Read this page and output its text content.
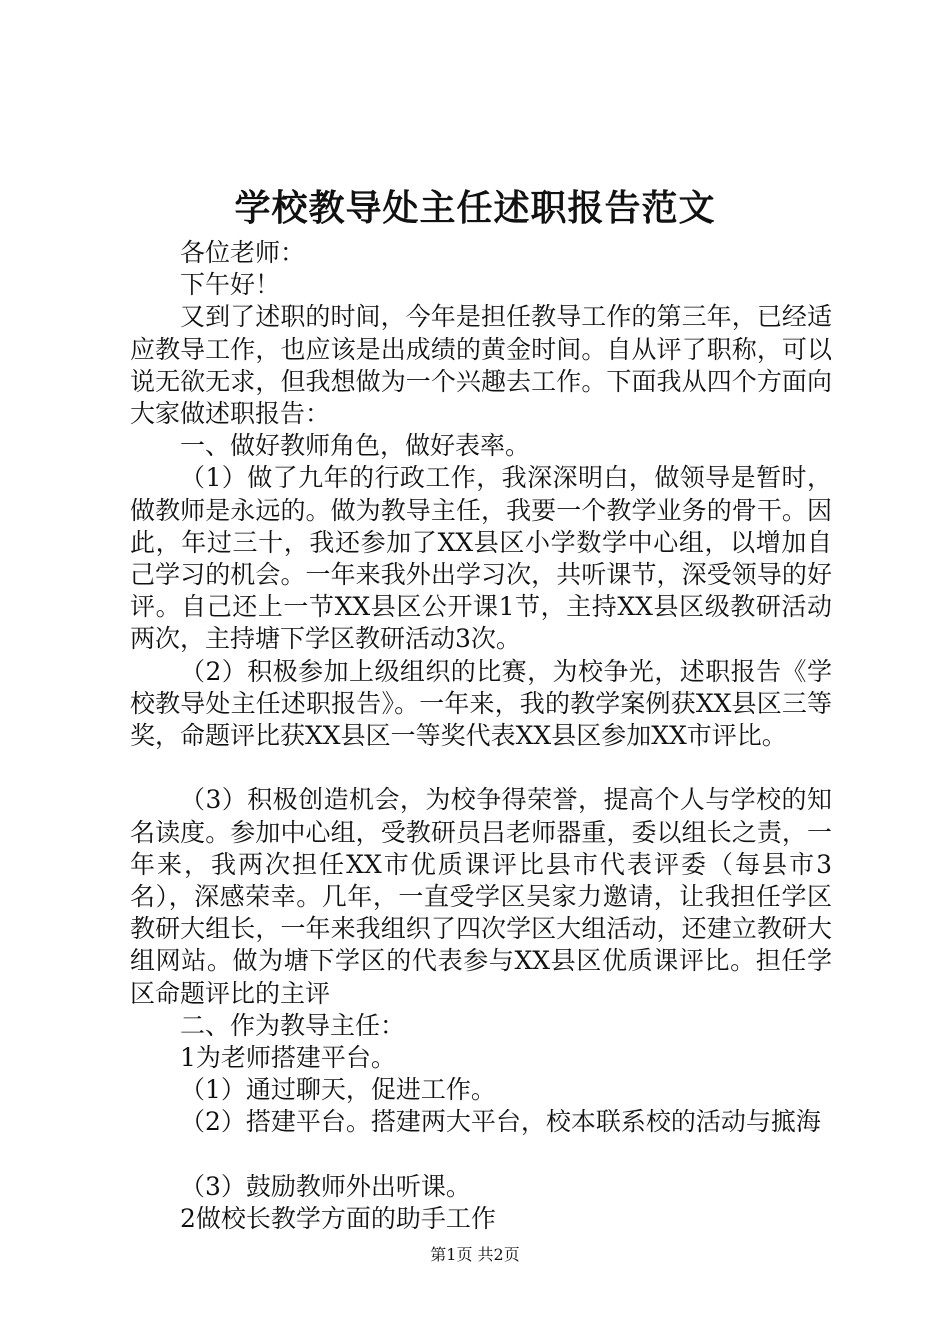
学校教导处主任述职报告范文

各位老师：

下午好！

又到了述职的时间，今年是担任教导工作的第三年，已经适应教导工作，也应该是出成绩的黄金时间。自从评了职称，可以说无欲无求，但我想做为一个兴趣去工作。下面我从四个方面向大家做述职报告：

一、做好教师角色，做好表率。

（1）做了九年的行政工作，我深深明白，做领导是暂时，做教师是永远的。做为教导主任，我要一个教学业务的骨干。因此，年过三十，我还参加了XX县区小学数学中心组，以增加自己学习的机会。一年来我外出学习次，共听课节，深受领导的好评。自己还上一节XX县区公开课1节，主持XX县区级教研活动两次，主持塘下学区教研活动3次。

（2）积极参加上级组织的比赛，为校争光，述职报告《学校教导处主任述职报告》。一年来，我的教学案例获XX县区三等奖，命题评比获XX县区一等奖代表XX县区参加XX市评比。

（3）积极创造机会，为校争得荣誉，提高个人与学校的知名读度。参加中心组，受教研员吕老师器重，委以组长之责，一年来，我两次担任XX市优质课评比县市代表评委（每县市3名），深感荣幸。几年，一直受学区吴家力邀请，让我担任学区教研大组长，一年来我组织了四次学区大组活动，还建立教研大组网站。做为塘下学区的代表参与XX县区优质课评比。担任学区命题评比的主评

二、作为教导主任：

1为老师搭建平台。

（1）通过聊天，促进工作。

（2）搭建平台。搭建两大平台，校本联系校的活动与掋海

（3）鼓励教师外出听课。

2做校长教学方面的助手工作

第1页 共2页
